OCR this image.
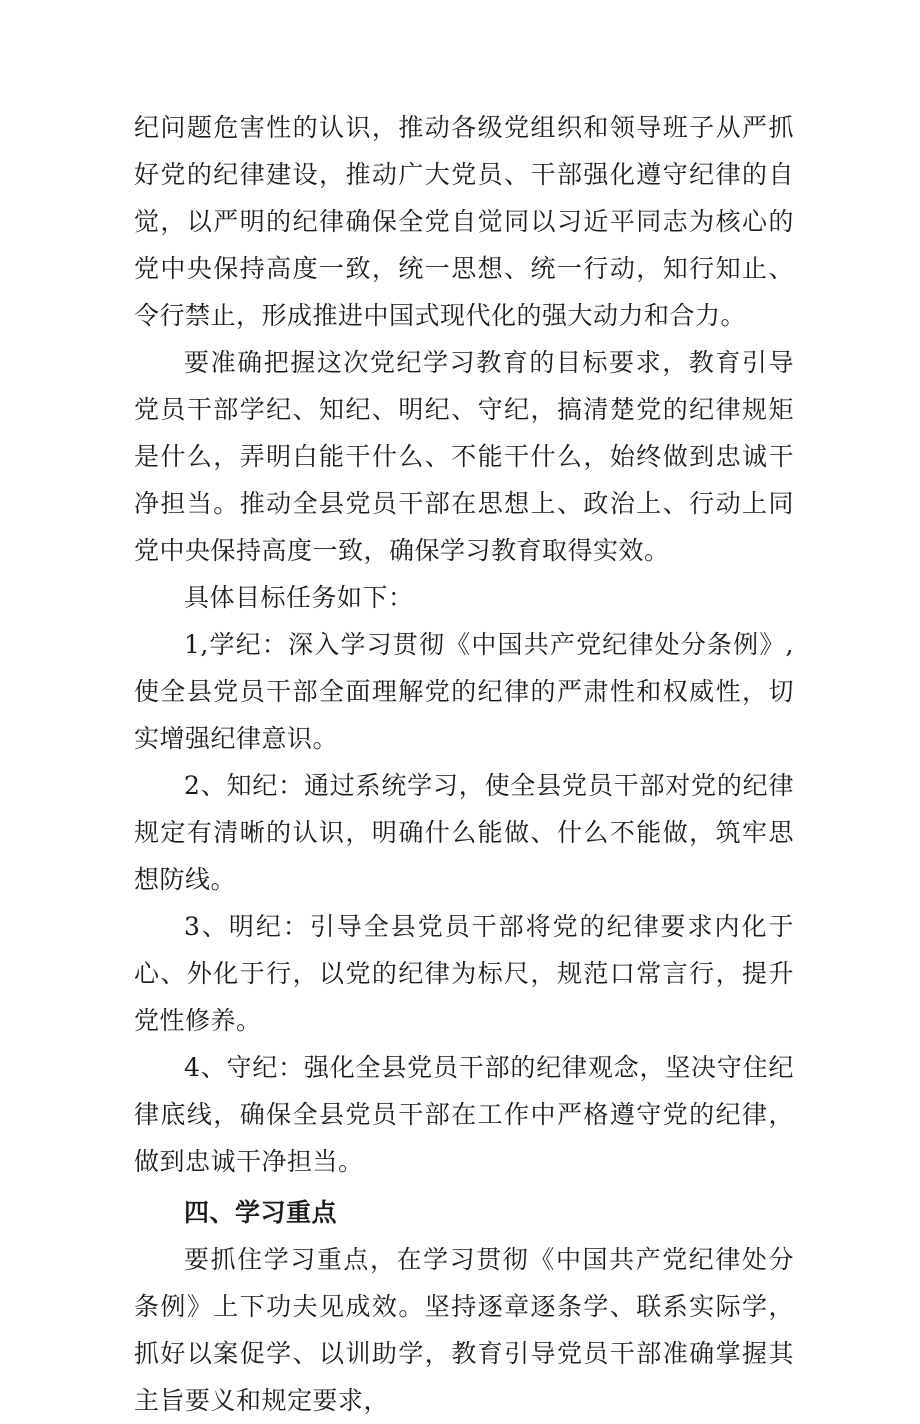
纪问题危害性的认识，推动各级党组织和领导班子从严抓好党的纪律建设，推动广大党员、干部强化遵守纪律的自觉，以严明的纪律确保全党自觉同以习近平同志为核心的党中央保持高度一致，统一思想、统一行动，知行知止、令行禁止，形成推进中国式现代化的强大动力和合力。

要准确把握这次党纪学习教育的目标要求，教育引导党员干部学纪、知纪、明纪、守纪，搞清楚党的纪律规矩是什么，弄明白能干什么、不能干什么，始终做到忠诚干净担当。推动全县党员干部在思想上、政治上、行动上同党中央保持高度一致，确保学习教育取得实效。

具体目标任务如下：

1,学纪：深入学习贯彻《中国共产党纪律处分条例》,使全县党员干部全面理解党的纪律的严肃性和权威性，切实增强纪律意识。

2、知纪：通过系统学习，使全县党员干部对党的纪律规定有清晰的认识，明确什么能做、什么不能做，筑牢思想防线。

3、明纪：引导全县党员干部将党的纪律要求内化于心、外化于行，以党的纪律为标尺，规范口常言行，提升党性修养。

4、守纪：强化全县党员干部的纪律观念，坚决守住纪律底线，确保全县党员干部在工作中严格遵守党的纪律，做到忠诚干净担当。

四、学习重点

要抓住学习重点，在学习贯彻《中国共产党纪律处分条例》上下功夫见成效。坚持逐章逐条学、联系实际学，抓好以案促学、以训助学，教育引导党员干部准确掌握其主旨要义和规定要求，
